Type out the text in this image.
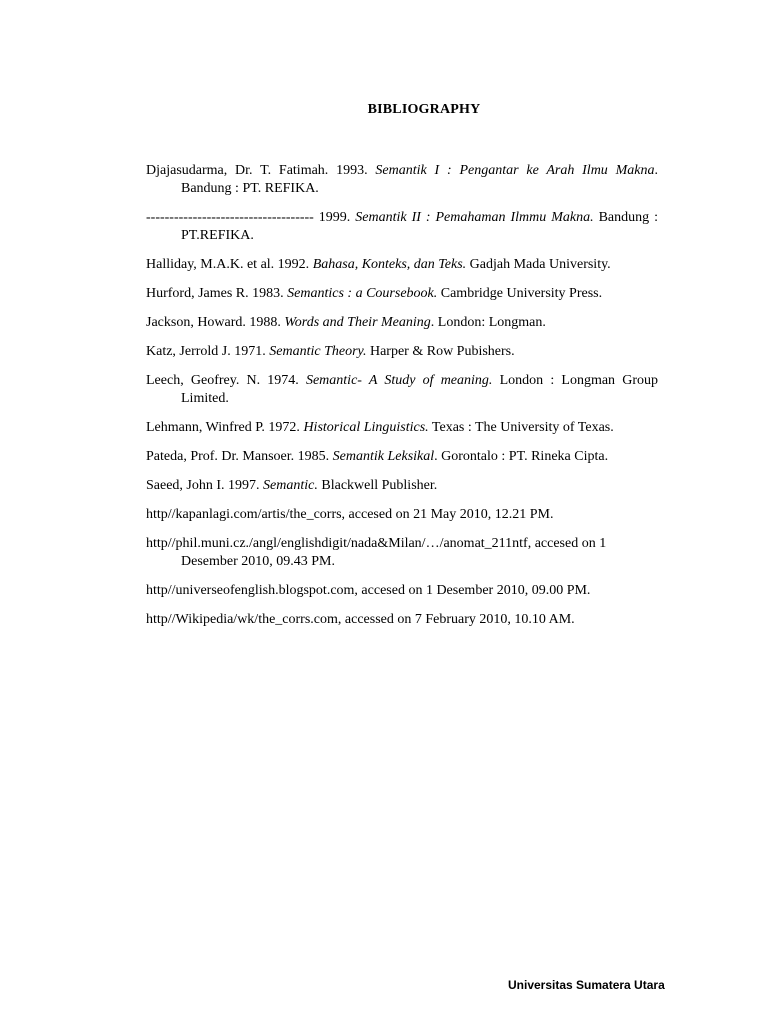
BIBLIOGRAPHY
Djajasudarma, Dr. T. Fatimah. 1993. Semantik I : Pengantar ke Arah Ilmu Makna. Bandung : PT. REFIKA.
------------------------------------ 1999. Semantik II : Pemahaman Ilmmu Makna. Bandung : PT.REFIKA.
Halliday, M.A.K. et al. 1992. Bahasa, Konteks, dan Teks. Gadjah Mada University.
Hurford, James R. 1983. Semantics : a Coursebook. Cambridge University Press.
Jackson, Howard. 1988. Words and Their Meaning. London: Longman.
Katz, Jerrold J. 1971. Semantic Theory. Harper & Row Pubishers.
Leech, Geofrey. N. 1974. Semantic- A Study of meaning. London : Longman Group Limited.
Lehmann, Winfred P. 1972. Historical Linguistics. Texas : The University of Texas.
Pateda, Prof. Dr. Mansoer. 1985. Semantik Leksikal. Gorontalo : PT. Rineka Cipta.
Saeed, John I. 1997. Semantic. Blackwell Publisher.
http//kapanlagi.com/artis/the_corrs, accesed on 21 May 2010, 12.21 PM.
http//phil.muni.cz./angl/englishdigit/nada&Milan/…/anomat_211ntf, accesed on 1 Desember 2010, 09.43 PM.
http//universeofenglish.blogspot.com, accesed on 1 Desember 2010, 09.00 PM.
http//Wikipedia/wk/the_corrs.com, accessed on 7 February 2010, 10.10 AM.
Universitas Sumatera Utara
